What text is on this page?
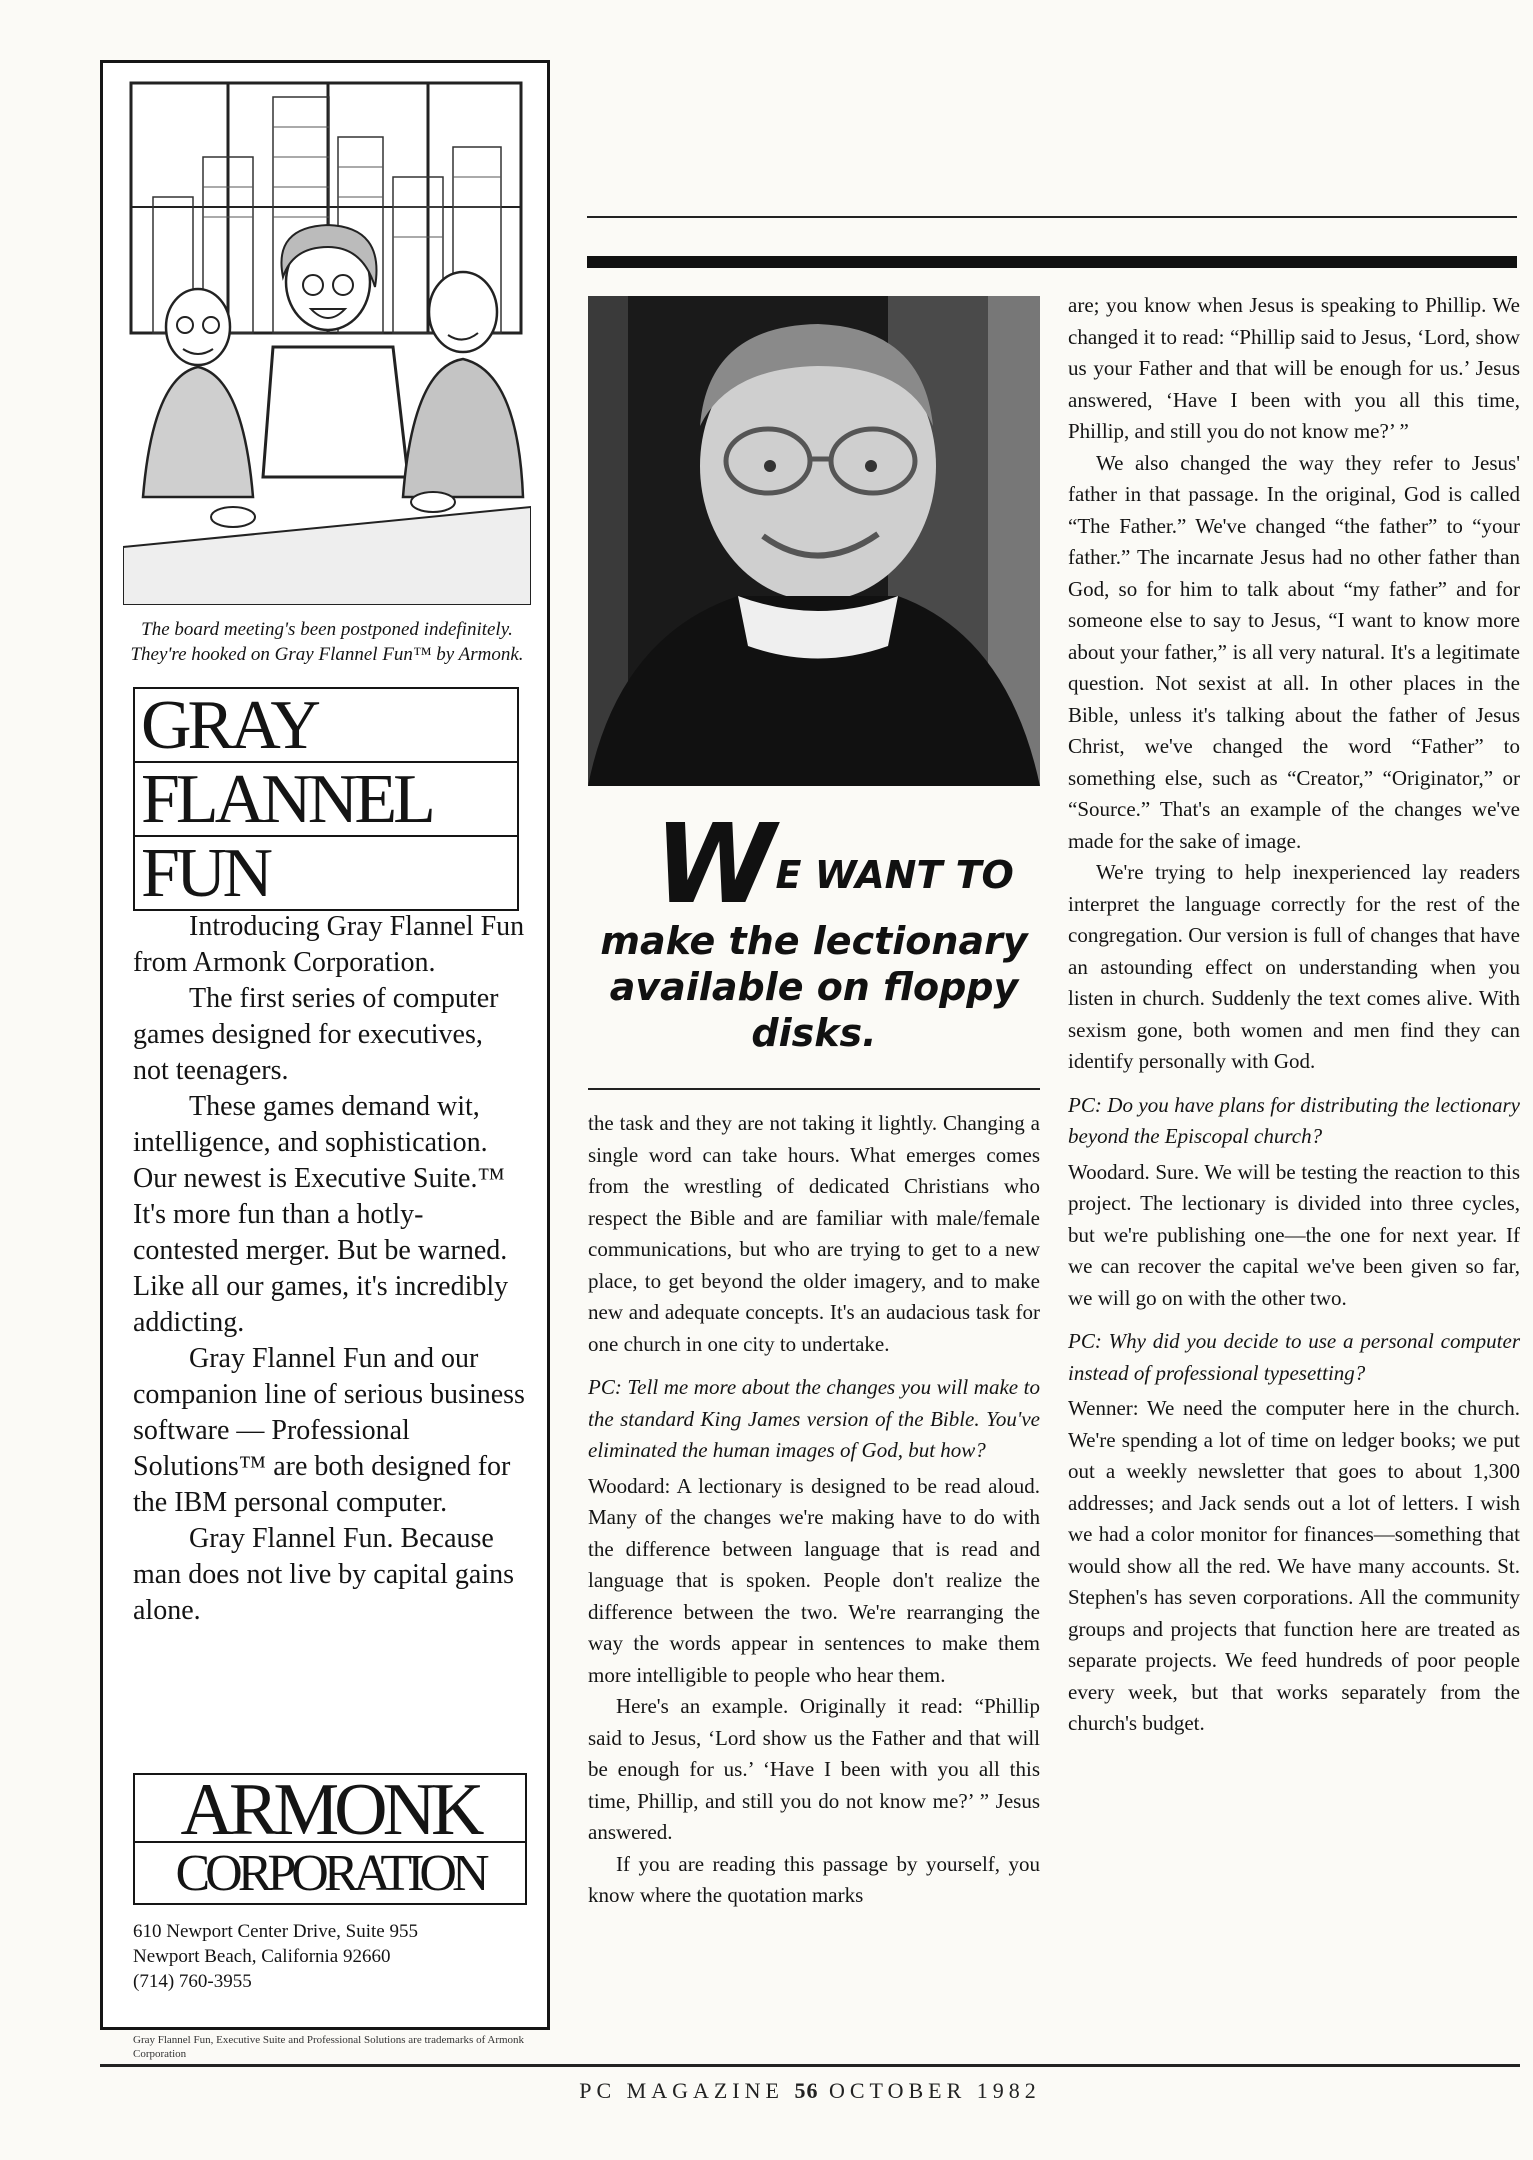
The board meeting's been postponed indefinitely. They're hooked on Gray Flannel Fun™ by Armonk.
GRAY
FLANNEL
FUN

Introducing Gray Flannel Fun from Armonk Corporation.

The first series of computer games designed for executives, not teenagers.

These games demand wit, intelligence, and sophistication. Our newest is Executive Suite.™ It's more fun than a hotly-contested merger. But be warned. Like all our games, it's incredibly addicting.

Gray Flannel Fun and our companion line of serious business software — Professional Solutions™ are both designed for the IBM personal computer.

Gray Flannel Fun. Because man does not live by capital gains alone.

ARMONK
CORPORATION
610 Newport Center Drive, Suite 955
Newport Beach, California 92660
(714) 760-3955
Gray Flannel Fun, Executive Suite and Professional Solutions are trademarks of Armonk Corporation
WE WANT TO
make the lectionary
available on floppy
disks.

the task and they are not taking it lightly. Changing a single word can take hours. What emerges comes from the wrestling of dedicated Christians who respect the Bible and are familiar with male/female communications, but who are trying to get to a new place, to get beyond the older imagery, and to make new and adequate concepts. It's an audacious task for one church in one city to undertake.

PC: Tell me more about the changes you will make to the standard King James version of the Bible. You've eliminated the human images of God, but how?

Woodard: A lectionary is designed to be read aloud. Many of the changes we're making have to do with the difference between language that is read and language that is spoken. People don't realize the difference between the two. We're rearranging the way the words appear in sentences to make them more intelligible to people who hear them.

Here's an example. Originally it read: “Phillip said to Jesus, ‘Lord show us the Father and that will be enough for us.’ ‘Have I been with you all this time, Phillip, and still you do not know me?’ ” Jesus answered.

If you are reading this passage by yourself, you know where the quotation marks

are; you know when Jesus is speaking to Phillip. We changed it to read: “Phillip said to Jesus, ‘Lord, show us your Father and that will be enough for us.’ Jesus answered, ‘Have I been with you all this time, Phillip, and still you do not know me?’ ”

We also changed the way they refer to Jesus' father in that passage. In the original, God is called “The Father.” We've changed “the father” to “your father.” The incarnate Jesus had no other father than God, so for him to talk about “my father” and for someone else to say to Jesus, “I want to know more about your father,” is all very natural. It's a legitimate question. Not sexist at all. In other places in the Bible, unless it's talking about the father of Jesus Christ, we've changed the word “Father” to something else, such as “Creator,” “Originator,” or “Source.” That's an example of the changes we've made for the sake of image.

We're trying to help inexperienced lay readers interpret the language correctly for the rest of the congregation. Our version is full of changes that have an astounding effect on understanding when you listen in church. Suddenly the text comes alive. With sexism gone, both women and men find they can identify personally with God.

PC: Do you have plans for distributing the lectionary beyond the Episcopal church?

Woodard. Sure. We will be testing the reaction to this project. The lectionary is divided into three cycles, but we're publishing one—the one for next year. If we can recover the capital we've been given so far, we will go on with the other two.

PC: Why did you decide to use a personal computer instead of professional typesetting?

Wenner: We need the computer here in the church. We're spending a lot of time on ledger books; we put out a weekly newsletter that goes to about 1,300 addresses; and Jack sends out a lot of letters. I wish we had a color monitor for finances—something that would show all the red. We have many accounts. St. Stephen's has seven corporations. All the community groups and projects that function here are treated as separate projects. We feed hundreds of poor people every week, but that works separately from the church's budget.

PC MAGAZINE 56 OCTOBER 1982
